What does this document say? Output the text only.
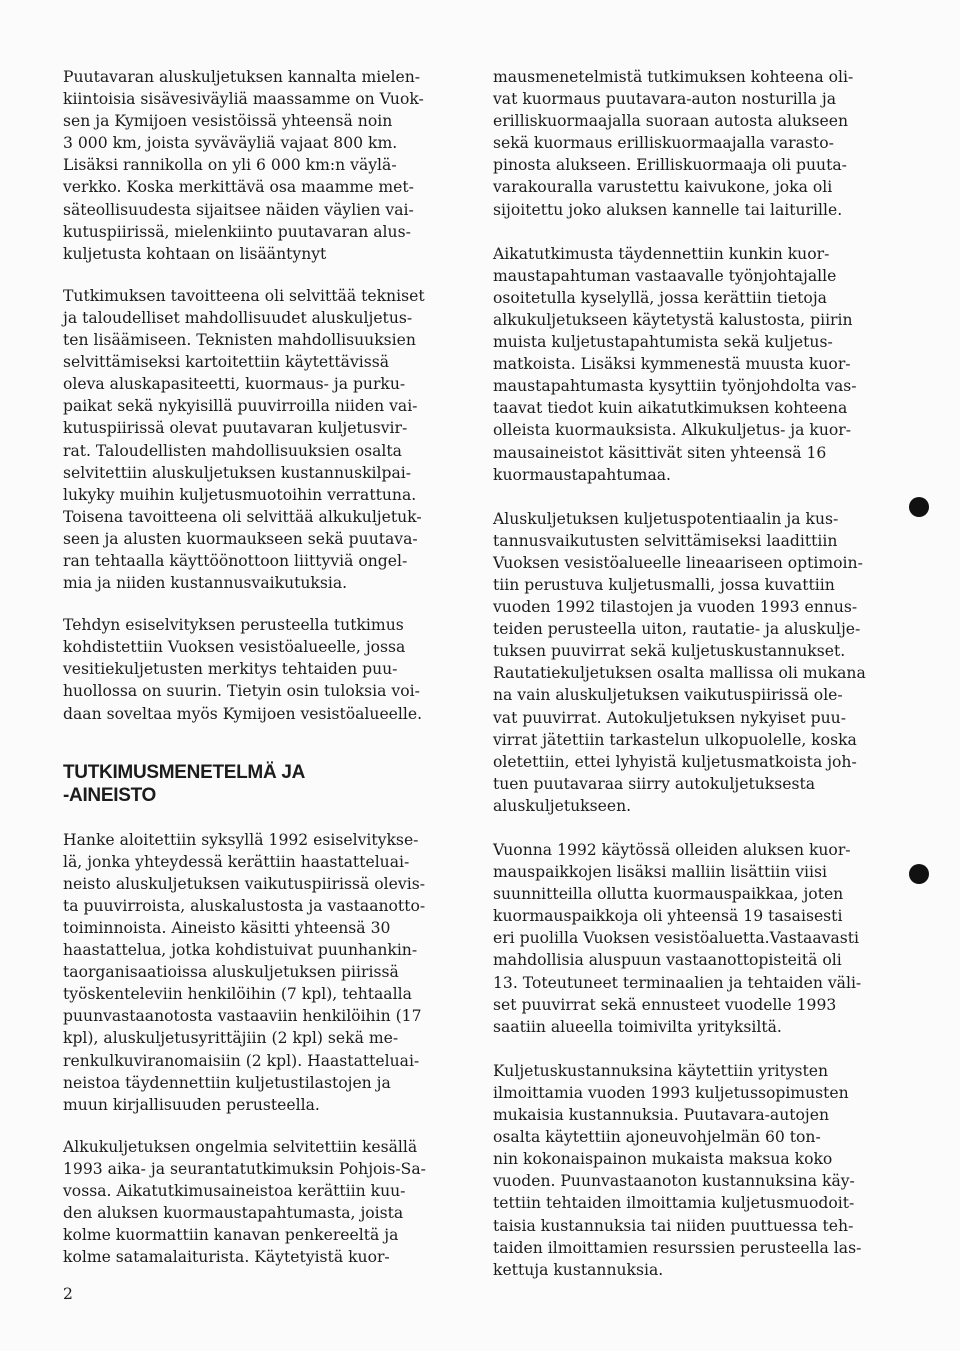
Puutavaran aluskuljetuksen kannalta mielen-
kiintoisia sisävesiväyliä maassamme on Vuok-
sen ja Kymijoen vesistöissä yhteensä noin
3 000 km, joista syväväyliä vajaat 800 km.
Lisäksi rannikolla on yli 6 000 km:n väylä-
verkko. Koska merkittävä osa maamme met-
säteollisuudesta sijaitsee näiden väylien vai-
kutuspiirissä, mielenkiinto puutavaran alus-
kuljetusta kohtaan on lisääntynyt

Tutkimuksen tavoitteena oli selvittää tekniset
ja taloudelliset mahdollisuudet aluskuljetus-
ten lisäämiseen. Teknisten mahdollisuuksien
selvittämiseksi kartoitettiin käytettävissä
oleva aluskapasiteetti, kuormaus- ja purku-
paikat sekä nykyisillä puuvirroilla niiden vai-
kutuspiirissä olevat puutavaran kuljetusvir-
rat. Taloudellisten mahdollisuuksien osalta
selvitettiin aluskuljetuksen kustannuskilpai-
lukyky muihin kuljetusmuotoihin verrattuna.
Toisena tavoitteena oli selvittää alkukuljetuk-
seen ja alusten kuormaukseen sekä puutava-
ran tehtaalla käyttöönottoon liittyviä ongel-
mia ja niiden kustannusvaikutuksia.

Tehdyn esiselvityksen perusteella tutkimus
kohdistettiin Vuoksen vesistöalueelle, jossa
vesitiekuljetusten merkitys tehtaiden puu-
huollossa on suurin. Tietyin osin tuloksia voi-
daan soveltaa myös Kymijoen vesistöalueelle.

TUTKIMUSMENETELMÄ JA
-AINEISTO

Hanke aloitettiin syksyllä 1992 esiselvitykse-
lä, jonka yhteydessä kerättiin haastatteluai-
neisto aluskuljetuksen vaikutuspiirissä olevis-
ta puuvirroista, aluskalustosta ja vastaanotto-
toiminnoista. Aineisto käsitti yhteensä 30
haastattelua, jotka kohdistuivat puunhankin-
taorganisaatioissa aluskuljetuksen piirissä
työskenteleviin henkilöihin (7 kpl), tehtaalla
puunvastaanotosta vastaaviin henkilöihin (17
kpl), aluskuljetusyrittäjiin (2 kpl) sekä me-
renkulkuviranomaisiin (2 kpl). Haastatteluai-
neistoa täydennettiin kuljetustilastojen ja
muun kirjallisuuden perusteella.

Alkukuljetuksen ongelmia selvitettiin kesällä
1993 aika- ja seurantatutkimuksin Pohjois-Sa-
vossa. Aikatutkimusaineistoa kerättiin kuu-
den aluksen kuormaustapahtumasta, joista
kolme kuormattiin kanavan penkereeltä ja
kolme satamalaiturista. Käytetyistä kuor-

mausmenetelmistä tutkimuksen kohteena oli-
vat kuormaus puutavara-auton nosturilla ja
erilliskuormaajalla suoraan autosta alukseen
sekä kuormaus erilliskuormaajalla varasto-
pinosta alukseen. Erilliskuormaaja oli puuta-
varakouralla varustettu kaivukone, joka oli
sijoitettu joko aluksen kannelle tai laiturille.

Aikatutkimusta täydennettiin kunkin kuor-
maustapahtuman vastaavalle työnjohtajalle
osoitetulla kyselyllä, jossa kerättiin tietoja
alkukuljetukseen käytetystä kalustosta, piirin
muista kuljetustapahtumista sekä kuljetus-
matkoista. Lisäksi kymmenestä muusta kuor-
maustapahtumasta kysyttiin työnjohdolta vas-
taavat tiedot kuin aikatutkimuksen kohteena
olleista kuormauksista. Alkukuljetus- ja kuor-
mausaineistot käsittivät siten yhteensä 16
kuormaustapahtumaa.

Aluskuljetuksen kuljetuspotentiaalin ja kus-
tannusvaikutusten selvittämiseksi laadittiin
Vuoksen vesistöalueelle lineaariseen optimoin-
tiin perustuva kuljetusmalli, jossa kuvattiin
vuoden 1992 tilastojen ja vuoden 1993 ennus-
teiden perusteella uiton, rautatie- ja aluskulje-
tuksen puuvirrat sekä kuljetuskustannukset.
Rautatiekuljetuksen osalta mallissa oli mukana
na vain aluskuljetuksen vaikutuspiirissä ole-
vat puuvirrat. Autokuljetuksen nykyiset puu-
virrat jätettiin tarkastelun ulkopuolelle, koska
oletettiin, ettei lyhyistä kuljetusmatkoista joh-
tuen puutavaraa siirry autokuljetuksesta
aluskuljetukseen.

Vuonna 1992 käytössä olleiden aluksen kuor-
mauspaikkojen lisäksi malliin lisättiin viisi
suunnitteilla ollutta kuormauspaikkaa, joten
kuormauspaikkoja oli yhteensä 19 tasaisesti
eri puolilla Vuoksen vesistöaluetta.Vastaavasti
mahdollisia aluspuun vastaanottopisteitä oli
13. Toteutuneet terminaalien ja tehtaiden väli-
set puuvirrat sekä ennusteet vuodelle 1993
saatiin alueella toimivilta yrityksiltä.

Kuljetuskustannuksina käytettiin yritysten
ilmoittamia vuoden 1993 kuljetussopimusten
mukaisia kustannuksia. Puutavara-autojen
osalta käytettiin ajoneuvohjelmän 60 ton-
nin kokonaispainon mukaista maksua koko
vuoden. Puunvastaanoton kustannuksina käy-
tettiin tehtaiden ilmoittamia kuljetusmuodoit-
taisia kustannuksia tai niiden puuttuessa teh-
taiden ilmoittamien resurssien perusteella las-
kettuja kustannuksia.

2
